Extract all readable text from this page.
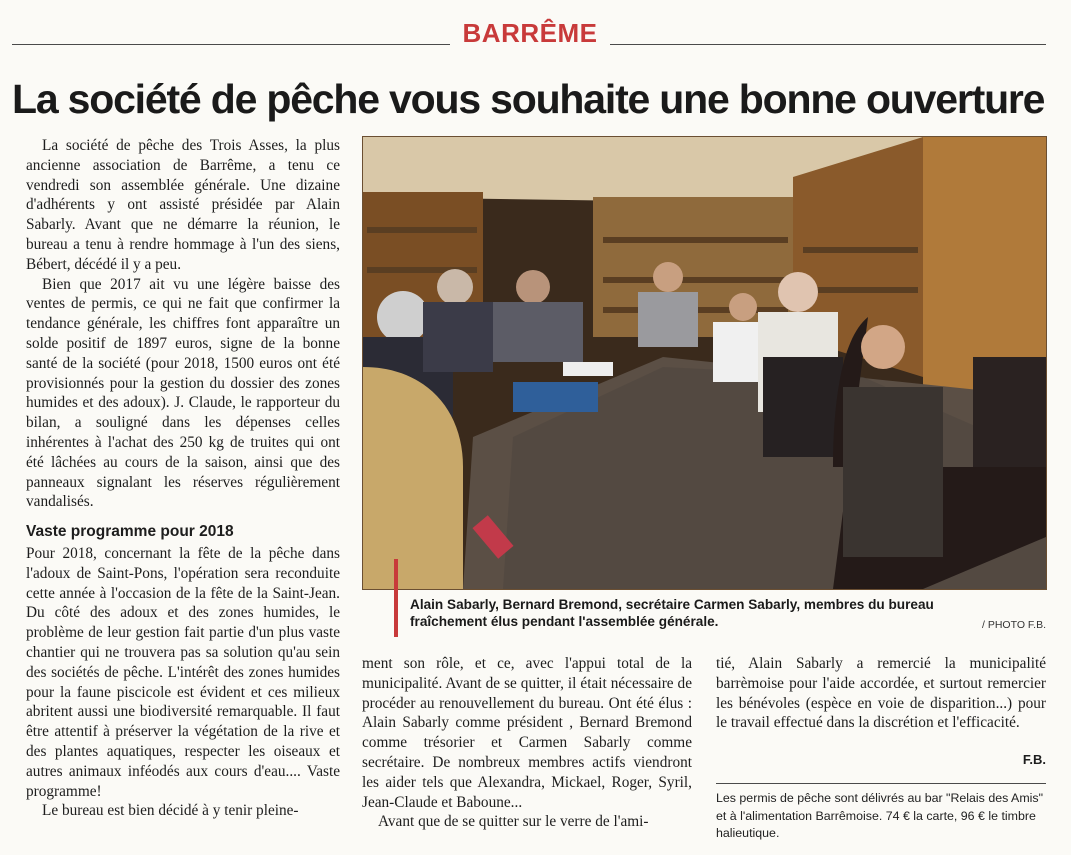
BARRÊME
La société de pêche vous souhaite une bonne ouverture

La société de pêche des Trois Asses, la plus ancienne association de Barrême, a tenu ce vendredi son assemblée générale. Une dizaine d'adhérents y ont assisté présidée par Alain Sabarly. Avant que ne démarre la réunion, le bureau a tenu à rendre hommage à l'un des siens, Bébert, décédé il y a peu.

Bien que 2017 ait vu une légère baisse des ventes de permis, ce qui ne fait que confirmer la tendance générale, les chiffres font apparaître un solde positif de 1897 euros, signe de la bonne santé de la société (pour 2018, 1500 euros ont été provisionnés pour la gestion du dossier des zones humides et des adoux). J. Claude, le rapporteur du bilan, a souligné dans les dépenses celles inhérentes à l'achat des 250 kg de truites qui ont été lâchées au cours de la saison, ainsi que des panneaux signalant les réserves régulièrement vandalisés.

Vaste programme pour 2018

Pour 2018, concernant la fête de la pêche dans l'adoux de Saint-Pons, l'opération sera reconduite cette année à l'occasion de la fête de la Saint-Jean. Du côté des adoux et des zones humides, le problème de leur gestion fait partie d'un plus vaste chantier qui ne trouvera pas sa solution qu'au sein des sociétés de pêche. L'intérêt des zones humides pour la faune piscicole est évident et ces milieux abritent aussi une biodiversité remarquable. Il faut être attentif à préserver la végétation de la rive et des plantes aquatiques, respecter les oiseaux et autres animaux inféodés aux cours d'eau.... Vaste programme!

Le bureau est bien décidé à y tenir pleine-

Alain Sabarly, Bernard Bremond, secrétaire Carmen Sabarly, membres du bureau fraîchement élus pendant l'assemblée générale.	/ PHOTO F.B.

ment son rôle, et ce, avec l'appui total de la municipalité. Avant de se quitter, il était nécessaire de procéder au renouvellement du bureau. Ont été élus : Alain Sabarly comme président , Bernard Bremond comme trésorier et Carmen Sabarly comme secrétaire. De nombreux membres actifs viendront les aider tels que Alexandra, Mickael, Roger, Syril, Jean-Claude et Baboune...

Avant que de se quitter sur le verre de l'ami-

tié, Alain Sabarly a remercié la municipalité barrèmoise pour l'aide accordée, et surtout remercier les bénévoles (espèce en voie de disparition...) pour le travail effectué dans la discrétion et l'efficacité.

F.B.
Les permis de pêche sont délivrés au bar "Relais des Amis" et à l'alimentation Barrêmoise. 74 € la carte, 96 € le timbre halieutique.
